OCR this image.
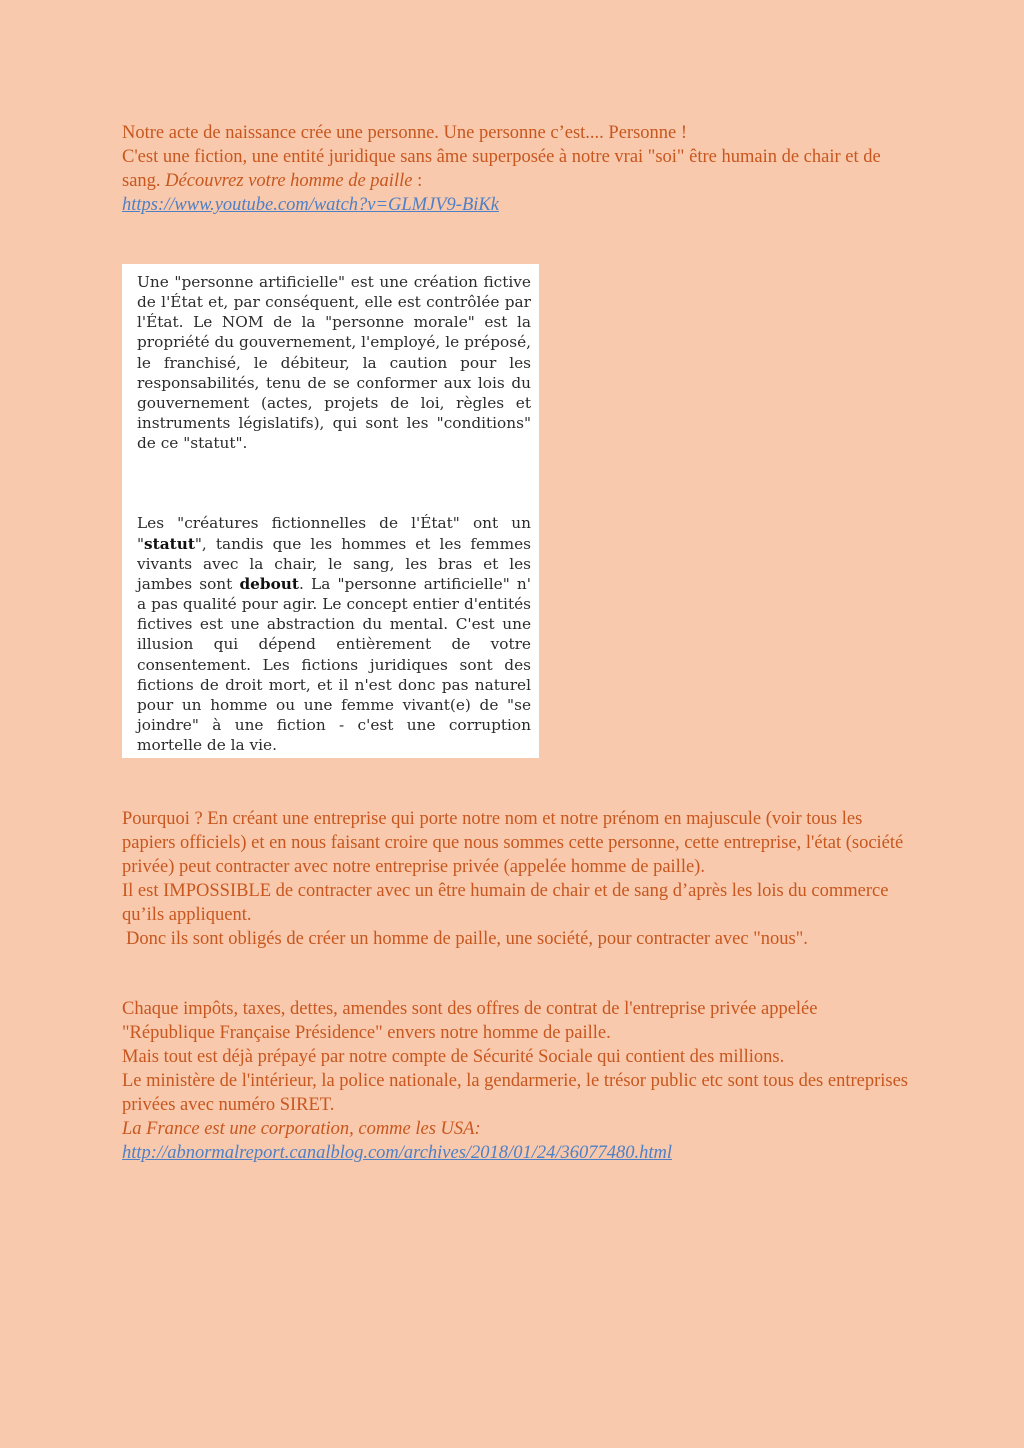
Notre acte de naissance crée une personne. Une personne c’est.... Personne !

C'est une fiction, une entité juridique sans âme superposée à notre vrai "soi" être humain de chair et de sang. Découvrez votre homme de paille :

https://www.youtube.com/watch?v=GLMJV9-BiKk

Une "personne artificielle" est une création fictive de l'État et, par conséquent, elle est contrôlée par l'État. Le NOM de la "personne morale" est la propriété du gouvernement, l'employé, le préposé, le franchisé, le débiteur, la caution pour les responsabilités, tenu de se conformer aux lois du gouvernement (actes, projets de loi, règles et instruments législatifs), qui sont les "conditions" de ce "statut".

Les "créatures fictionnelles de l'État" ont un "statut", tandis que les hommes et les femmes vivants avec la chair, le sang, les bras et les jambes sont debout. La "personne artificielle" n' a pas qualité pour agir. Le concept entier d'entités fictives est une abstraction du mental. C'est une illusion qui dépend entièrement de votre consentement. Les fictions juridiques sont des fictions de droit mort, et il n'est donc pas naturel pour un homme ou une femme vivant(e) de "se joindre" à une fiction - c'est une corruption mortelle de la vie.

Pourquoi ? En créant une entreprise qui porte notre nom et notre prénom en majuscule (voir tous les papiers officiels) et en nous faisant croire que nous sommes cette personne, cette entreprise, l'état (société privée) peut contracter avec notre entreprise privée (appelée homme de paille).

Il est IMPOSSIBLE de contracter avec un être humain de chair et de sang d’après les lois du commerce qu’ils appliquent.

Donc ils sont obligés de créer un homme de paille, une société, pour contracter avec "nous".

Chaque impôts, taxes, dettes, amendes sont des offres de contrat de l'entreprise privée appelée "République Française Présidence" envers notre homme de paille.

Mais tout est déjà prépayé par notre compte de Sécurité Sociale qui contient des millions.

Le ministère de l'intérieur, la police nationale, la gendarmerie, le trésor public etc sont tous des entreprises privées avec numéro SIRET.

La France est une corporation, comme les USA:

http://abnormalreport.canalblog.com/archives/2018/01/24/36077480.html
